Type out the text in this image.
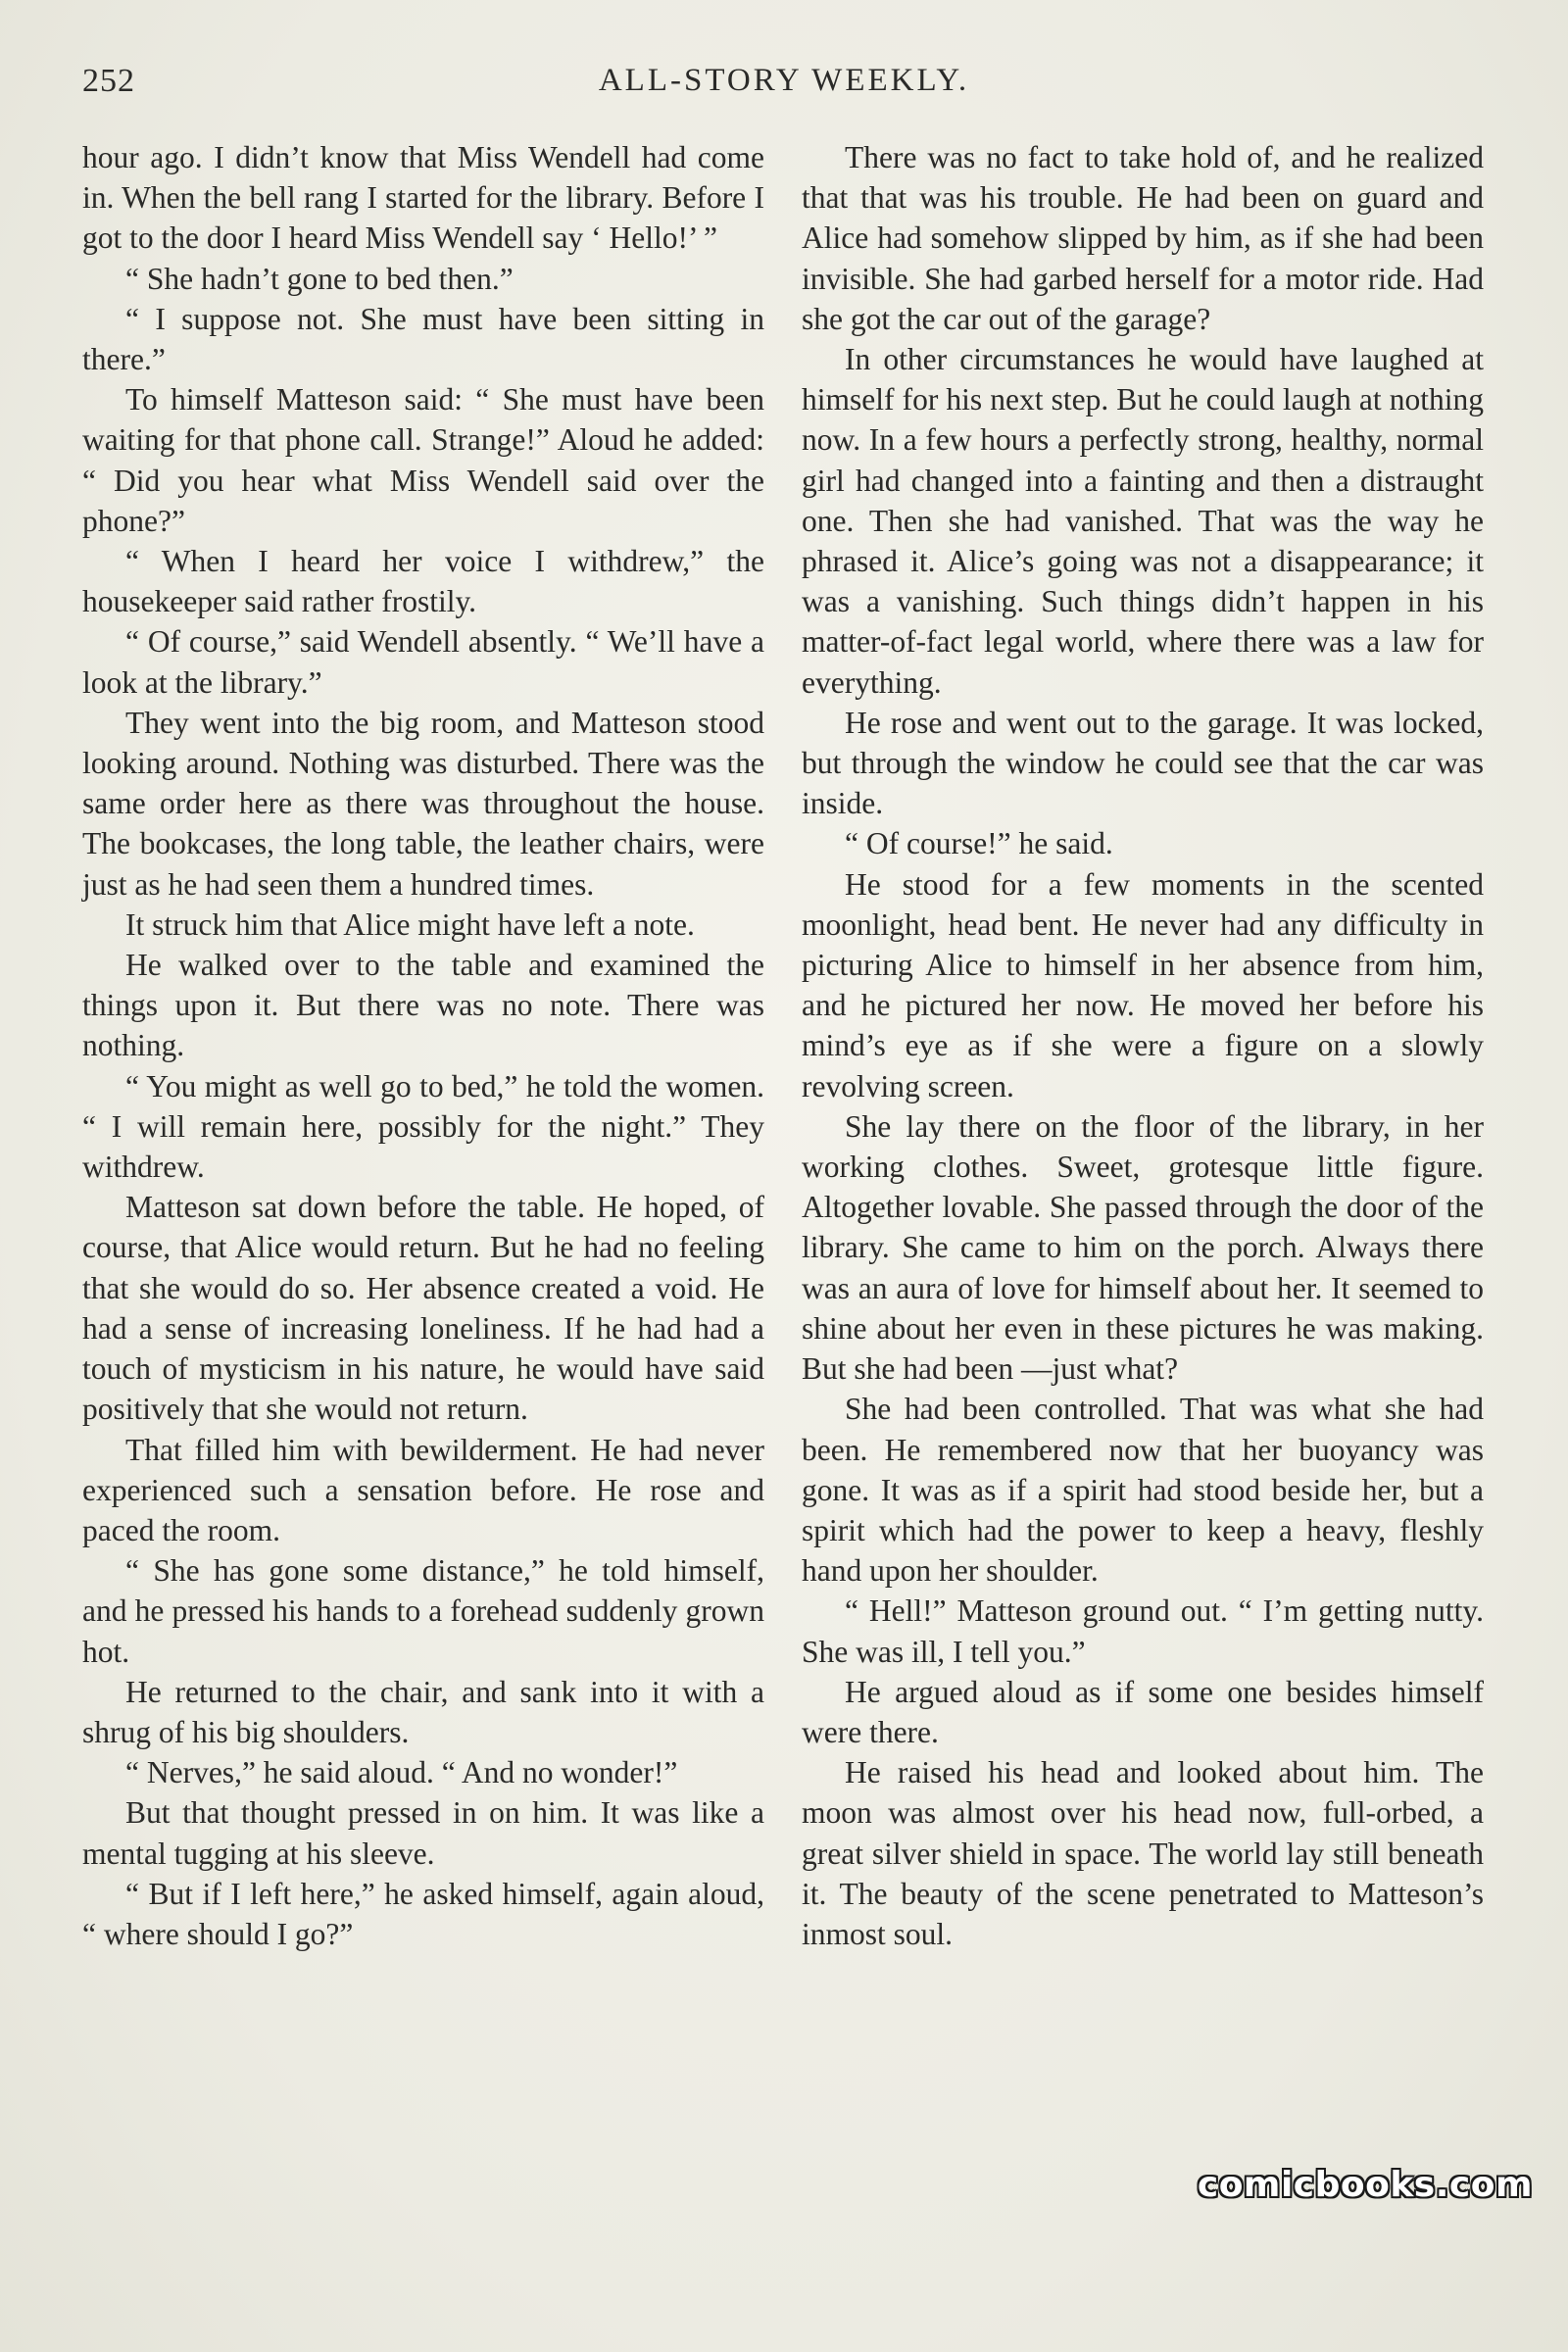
252	ALL-STORY WEEKLY.

hour ago. I didn’t know that Miss Wendell had come in. When the bell rang I started for the library. Before I got to the door I heard Miss Wendell say ‘ Hello!’ ”

“ She hadn’t gone to bed then.”

“ I suppose not. She must have been sitting in there.”

To himself Matteson said: “ She must have been waiting for that phone call. Strange!” Aloud he added: “ Did you hear what Miss Wendell said over the phone?”

“ When I heard her voice I withdrew,” the housekeeper said rather frostily.

“ Of course,” said Wendell absently. “ We’ll have a look at the library.”

They went into the big room, and Matteson stood looking around. Nothing was disturbed. There was the same order here as there was throughout the house. The bookcases, the long table, the leather chairs, were just as he had seen them a hundred times.

It struck him that Alice might have left a note.

He walked over to the table and examined the things upon it. But there was no note. There was nothing.

“ You might as well go to bed,” he told the women. “ I will remain here, possibly for the night.” They withdrew.

Matteson sat down before the table. He hoped, of course, that Alice would return. But he had no feeling that she would do so. Her absence created a void. He had a sense of increasing loneliness. If he had had a touch of mysticism in his nature, he would have said positively that she would not return.

That filled him with bewilderment. He had never experienced such a sensation before. He rose and paced the room.

“ She has gone some distance,” he told himself, and he pressed his hands to a forehead suddenly grown hot.

He returned to the chair, and sank into it with a shrug of his big shoulders.

“ Nerves,” he said aloud. “ And no wonder!”

But that thought pressed in on him. It was like a mental tugging at his sleeve.

“ But if I left here,” he asked himself, again aloud, “ where should I go?”

There was no fact to take hold of, and he realized that that was his trouble. He had been on guard and Alice had somehow slipped by him, as if she had been invisible. She had garbed herself for a motor ride. Had she got the car out of the garage?

In other circumstances he would have laughed at himself for his next step. But he could laugh at nothing now. In a few hours a perfectly strong, healthy, normal girl had changed into a fainting and then a distraught one. Then she had vanished. That was the way he phrased it. Alice’s going was not a disappearance; it was a vanishing. Such things didn’t happen in his matter-of-fact legal world, where there was a law for everything.

He rose and went out to the garage. It was locked, but through the window he could see that the car was inside.

“ Of course!” he said.

He stood for a few moments in the scented moonlight, head bent. He never had any difficulty in picturing Alice to himself in her absence from him, and he pictured her now. He moved her before his mind’s eye as if she were a figure on a slowly revolving screen.

She lay there on the floor of the library, in her working clothes. Sweet, grotesque little figure. Altogether lovable. She passed through the door of the library. She came to him on the porch. Always there was an aura of love for himself about her. It seemed to shine about her even in these pictures he was making. But she had been —just what?

She had been controlled. That was what she had been. He remembered now that her buoyancy was gone. It was as if a spirit had stood beside her, but a spirit which had the power to keep a heavy, fleshly hand upon her shoulder.

“ Hell!” Matteson ground out. “ I’m getting nutty. She was ill, I tell you.”

He argued aloud as if some one besides himself were there.

He raised his head and looked about him. The moon was almost over his head now, full-orbed, a great silver shield in space. The world lay still beneath it. The beauty of the scene penetrated to Matteson’s inmost soul.

comicbooks.com
